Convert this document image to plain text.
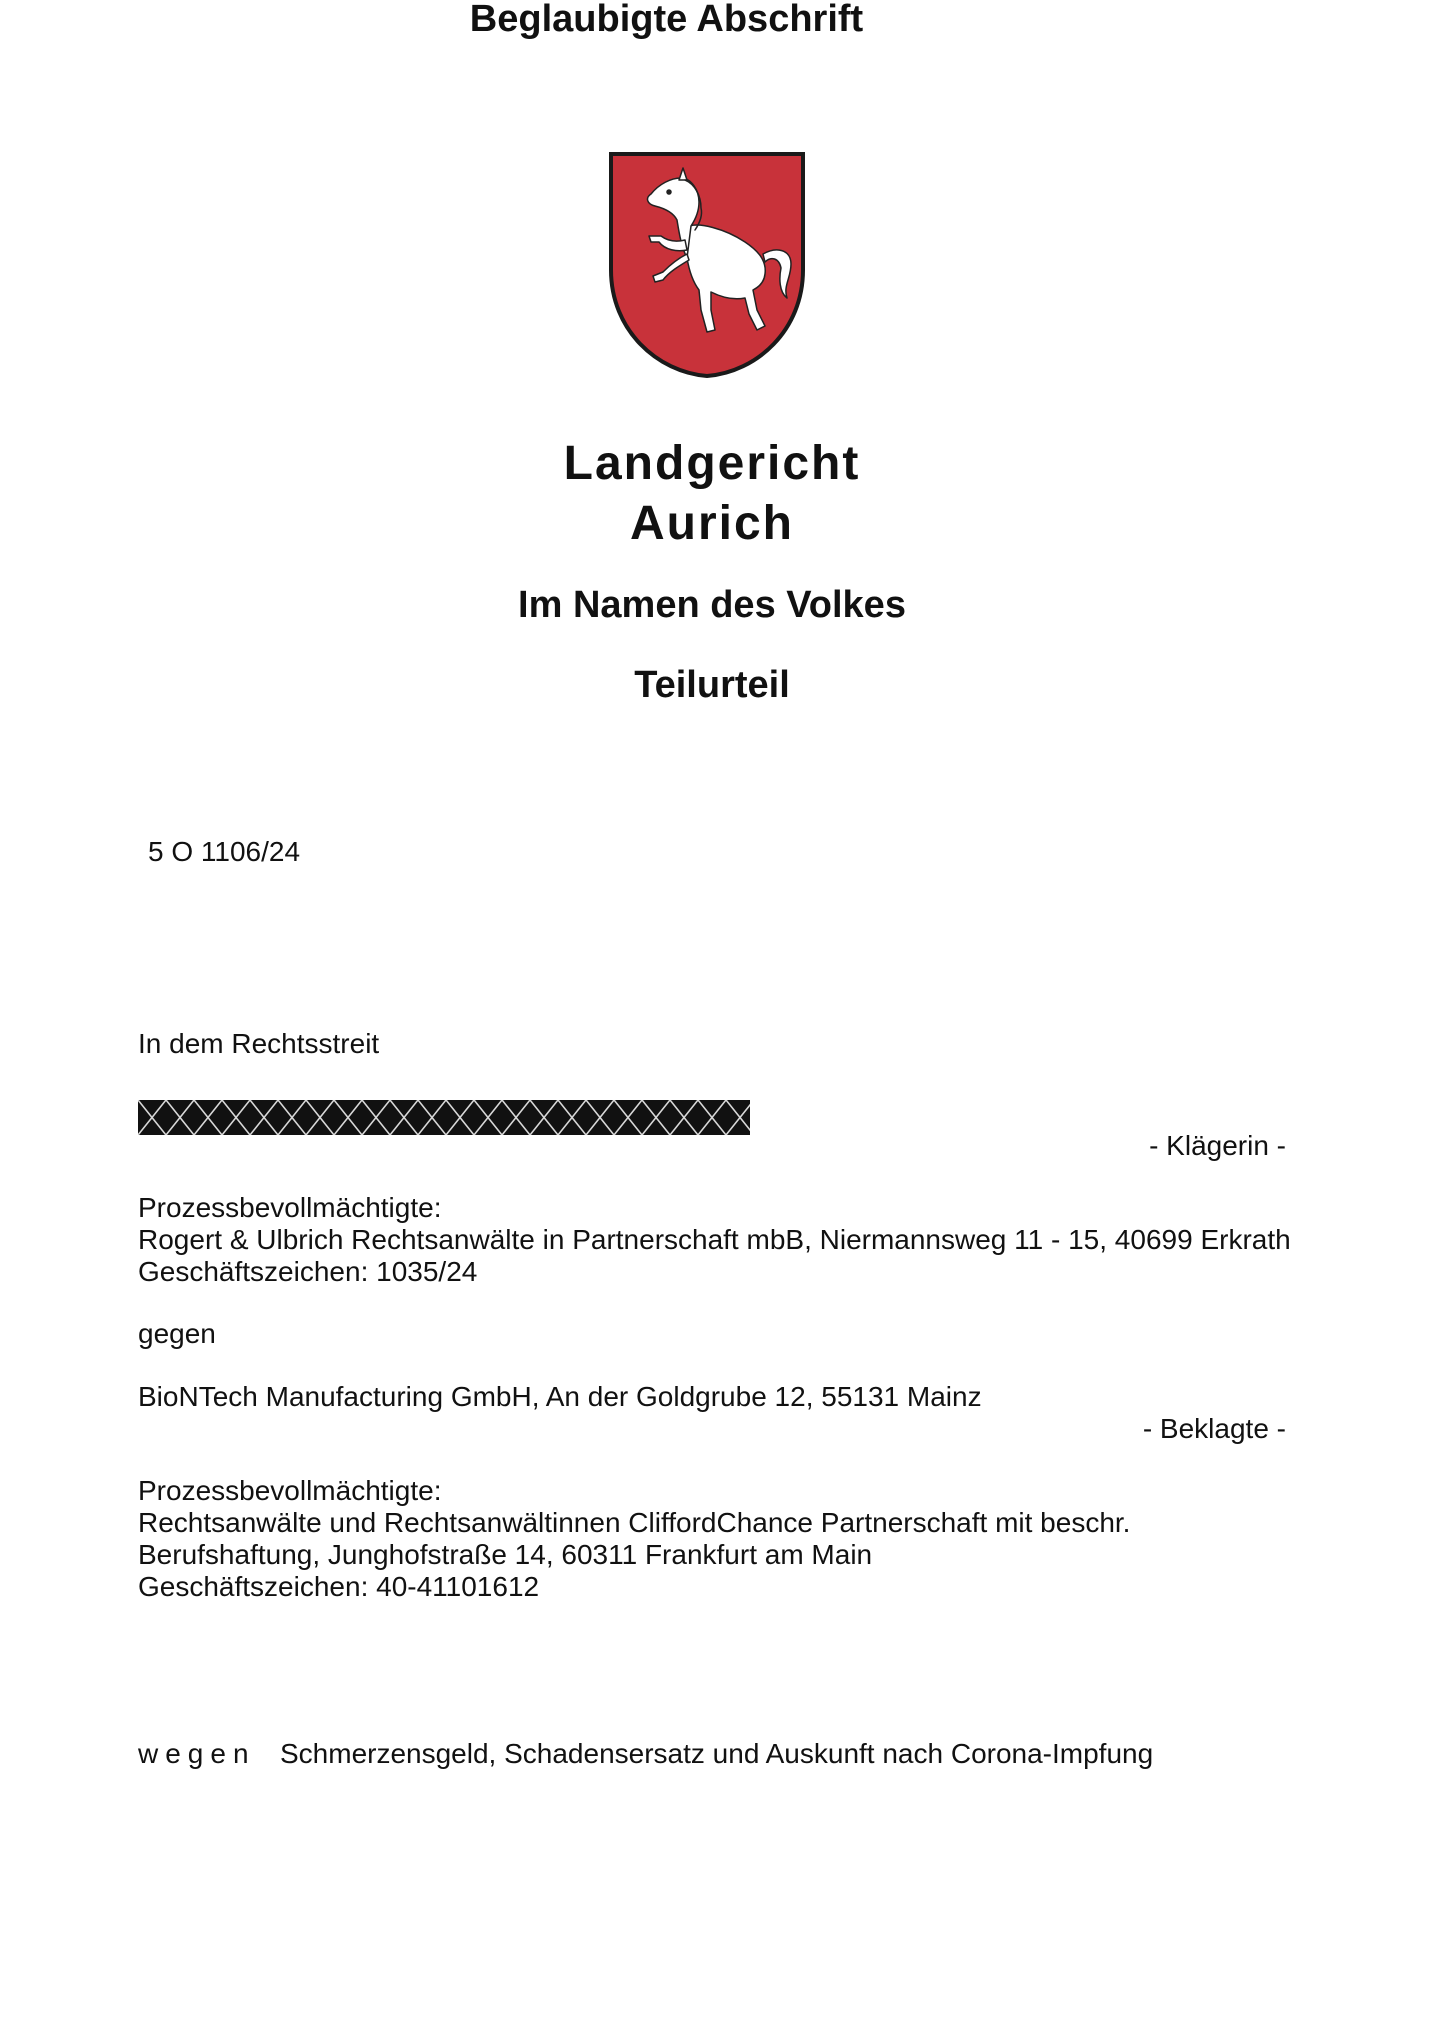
Beglaubigte Abschrift
Landgericht
Aurich
Im Namen des Volkes
Teilurteil
5 O 1106/24
In dem Rechtsstreit
- Klägerin -
Prozessbevollmächtigte:
Rogert & Ulbrich Rechtsanwälte in Partnerschaft mbB, Niermannsweg 11 - 15, 40699 Erkrath
Geschäftszeichen: 1035/24
gegen
BioNTech Manufacturing GmbH, An der Goldgrube 12, 55131 Mainz
- Beklagte -
Prozessbevollmächtigte:
Rechtsanwälte und Rechtsanwältinnen CliffordChance Partnerschaft mit beschr.
Berufshaftung, Junghofstraße 14, 60311 Frankfurt am Main
Geschäftszeichen: 40-41101612
wegen Schmerzensgeld, Schadensersatz und Auskunft nach Corona-Impfung
